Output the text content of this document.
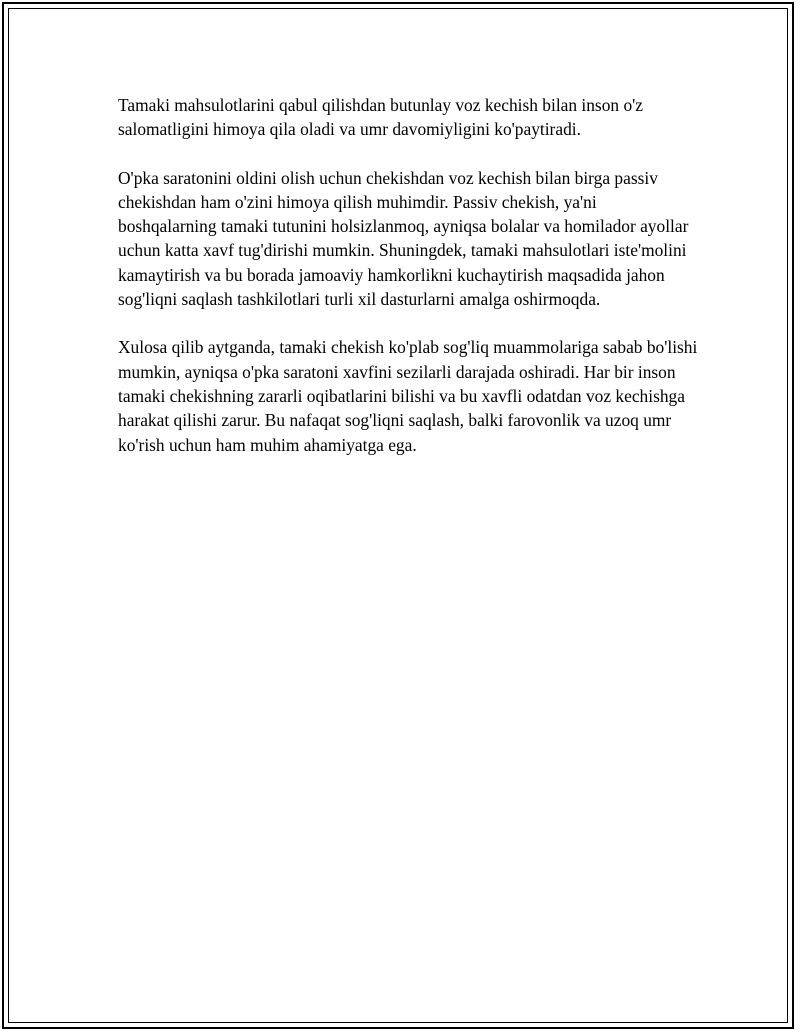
Tamaki mahsulotlarini qabul qilishdan butunlay voz kechish bilan inson o'z salomatligini himoya qila oladi va umr davomiyligini ko'paytiradi.

O'pka saratonini oldini olish uchun chekishdan voz kechish bilan birga passiv chekishdan ham o'zini himoya qilish muhimdir. Passiv chekish, ya'ni boshqalarning tamaki tutunini holsizlanmoq, ayniqsa bolalar va homilador ayollar uchun katta xavf tug'dirishi mumkin. Shuningdek, tamaki mahsulotlari iste'molini kamaytirish va bu borada jamoaviy hamkorlikni kuchaytirish maqsadida jahon sog'liqni saqlash tashkilotlari turli xil dasturlarni amalga oshirmoqda.

Xulosa qilib aytganda, tamaki chekish ko'plab sog'liq muammolariga sabab bo'lishi mumkin, ayniqsa o'pka saratoni xavfini sezilarli darajada oshiradi. Har bir inson tamaki chekishning zararli oqibatlarini bilishi va bu xavfli odatdan voz kechishga harakat qilishi zarur. Bu nafaqat sog'liqni saqlash, balki farovonlik va uzoq umr ko'rish uchun ham muhim ahamiyatga ega.
